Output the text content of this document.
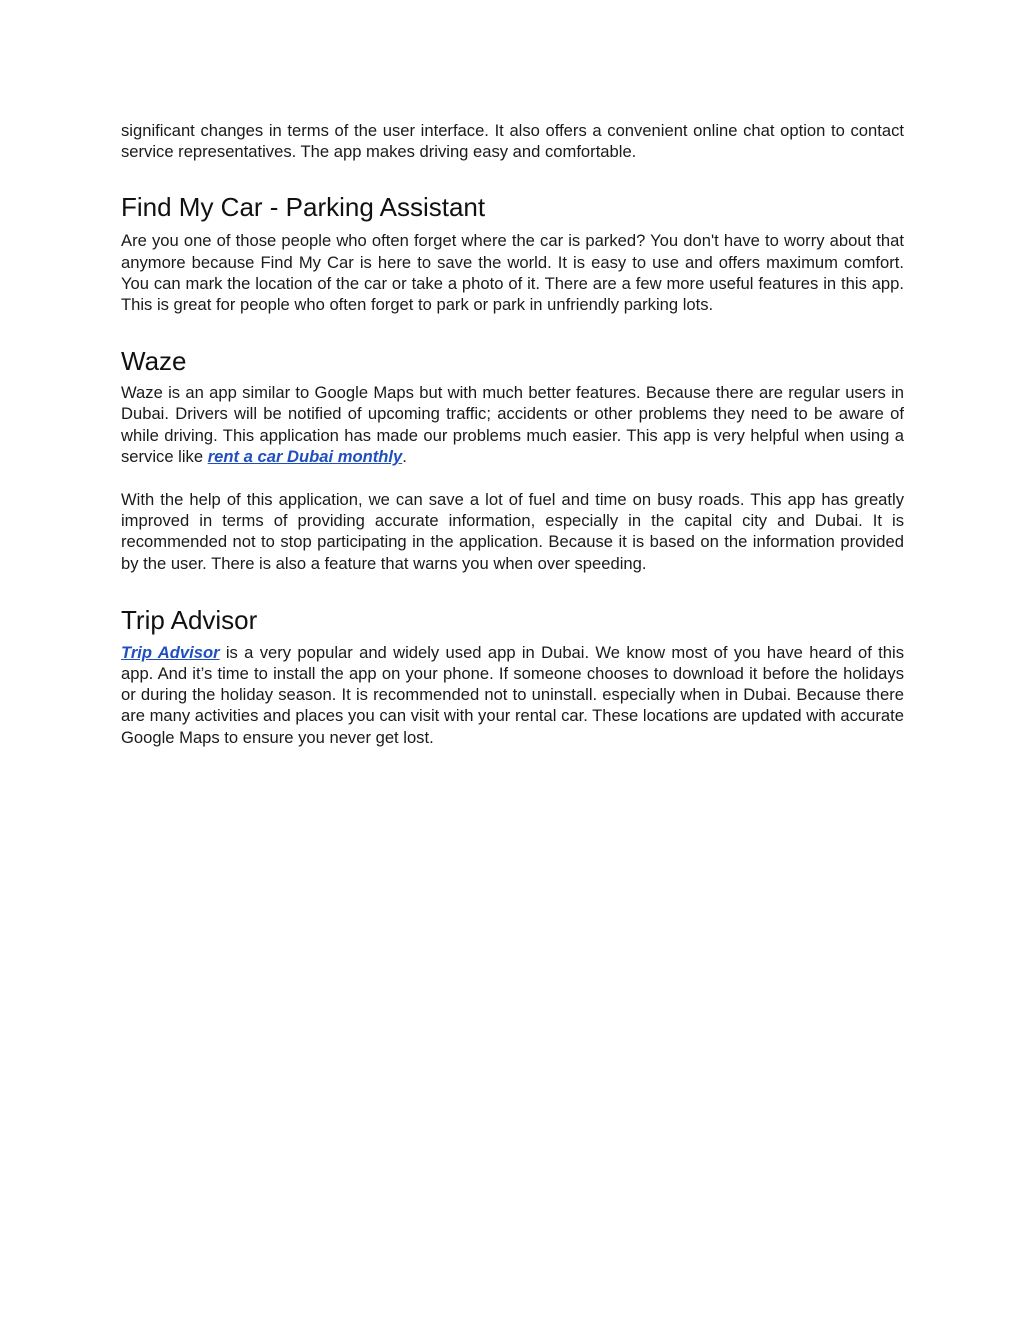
significant changes in terms of the user interface. It also offers a convenient online chat option to contact service representatives. The app makes driving easy and comfortable.

Find My Car - Parking Assistant

Are you one of those people who often forget where the car is parked? You don't have to worry about that anymore because Find My Car is here to save the world. It is easy to use and offers maximum comfort. You can mark the location of the car or take a photo of it. There are a few more useful features in this app. This is great for people who often forget to park or park in unfriendly parking lots.

Waze

Waze is an app similar to Google Maps but with much better features. Because there are regular users in Dubai. Drivers will be notified of upcoming traffic; accidents or other problems they need to be aware of while driving. This application has made our problems much easier. This app is very helpful when using a service like rent a car Dubai monthly.

With the help of this application, we can save a lot of fuel and time on busy roads. This app has greatly improved in terms of providing accurate information, especially in the capital city and Dubai. It is recommended not to stop participating in the application. Because it is based on the information provided by the user. There is also a feature that warns you when over speeding.

Trip Advisor

Trip Advisor is a very popular and widely used app in Dubai. We know most of you have heard of this app. And it’s time to install the app on your phone. If someone chooses to download it before the holidays or during the holiday season. It is recommended not to uninstall. especially when in Dubai. Because there are many activities and places you can visit with your rental car. These locations are updated with accurate Google Maps to ensure you never get lost.
